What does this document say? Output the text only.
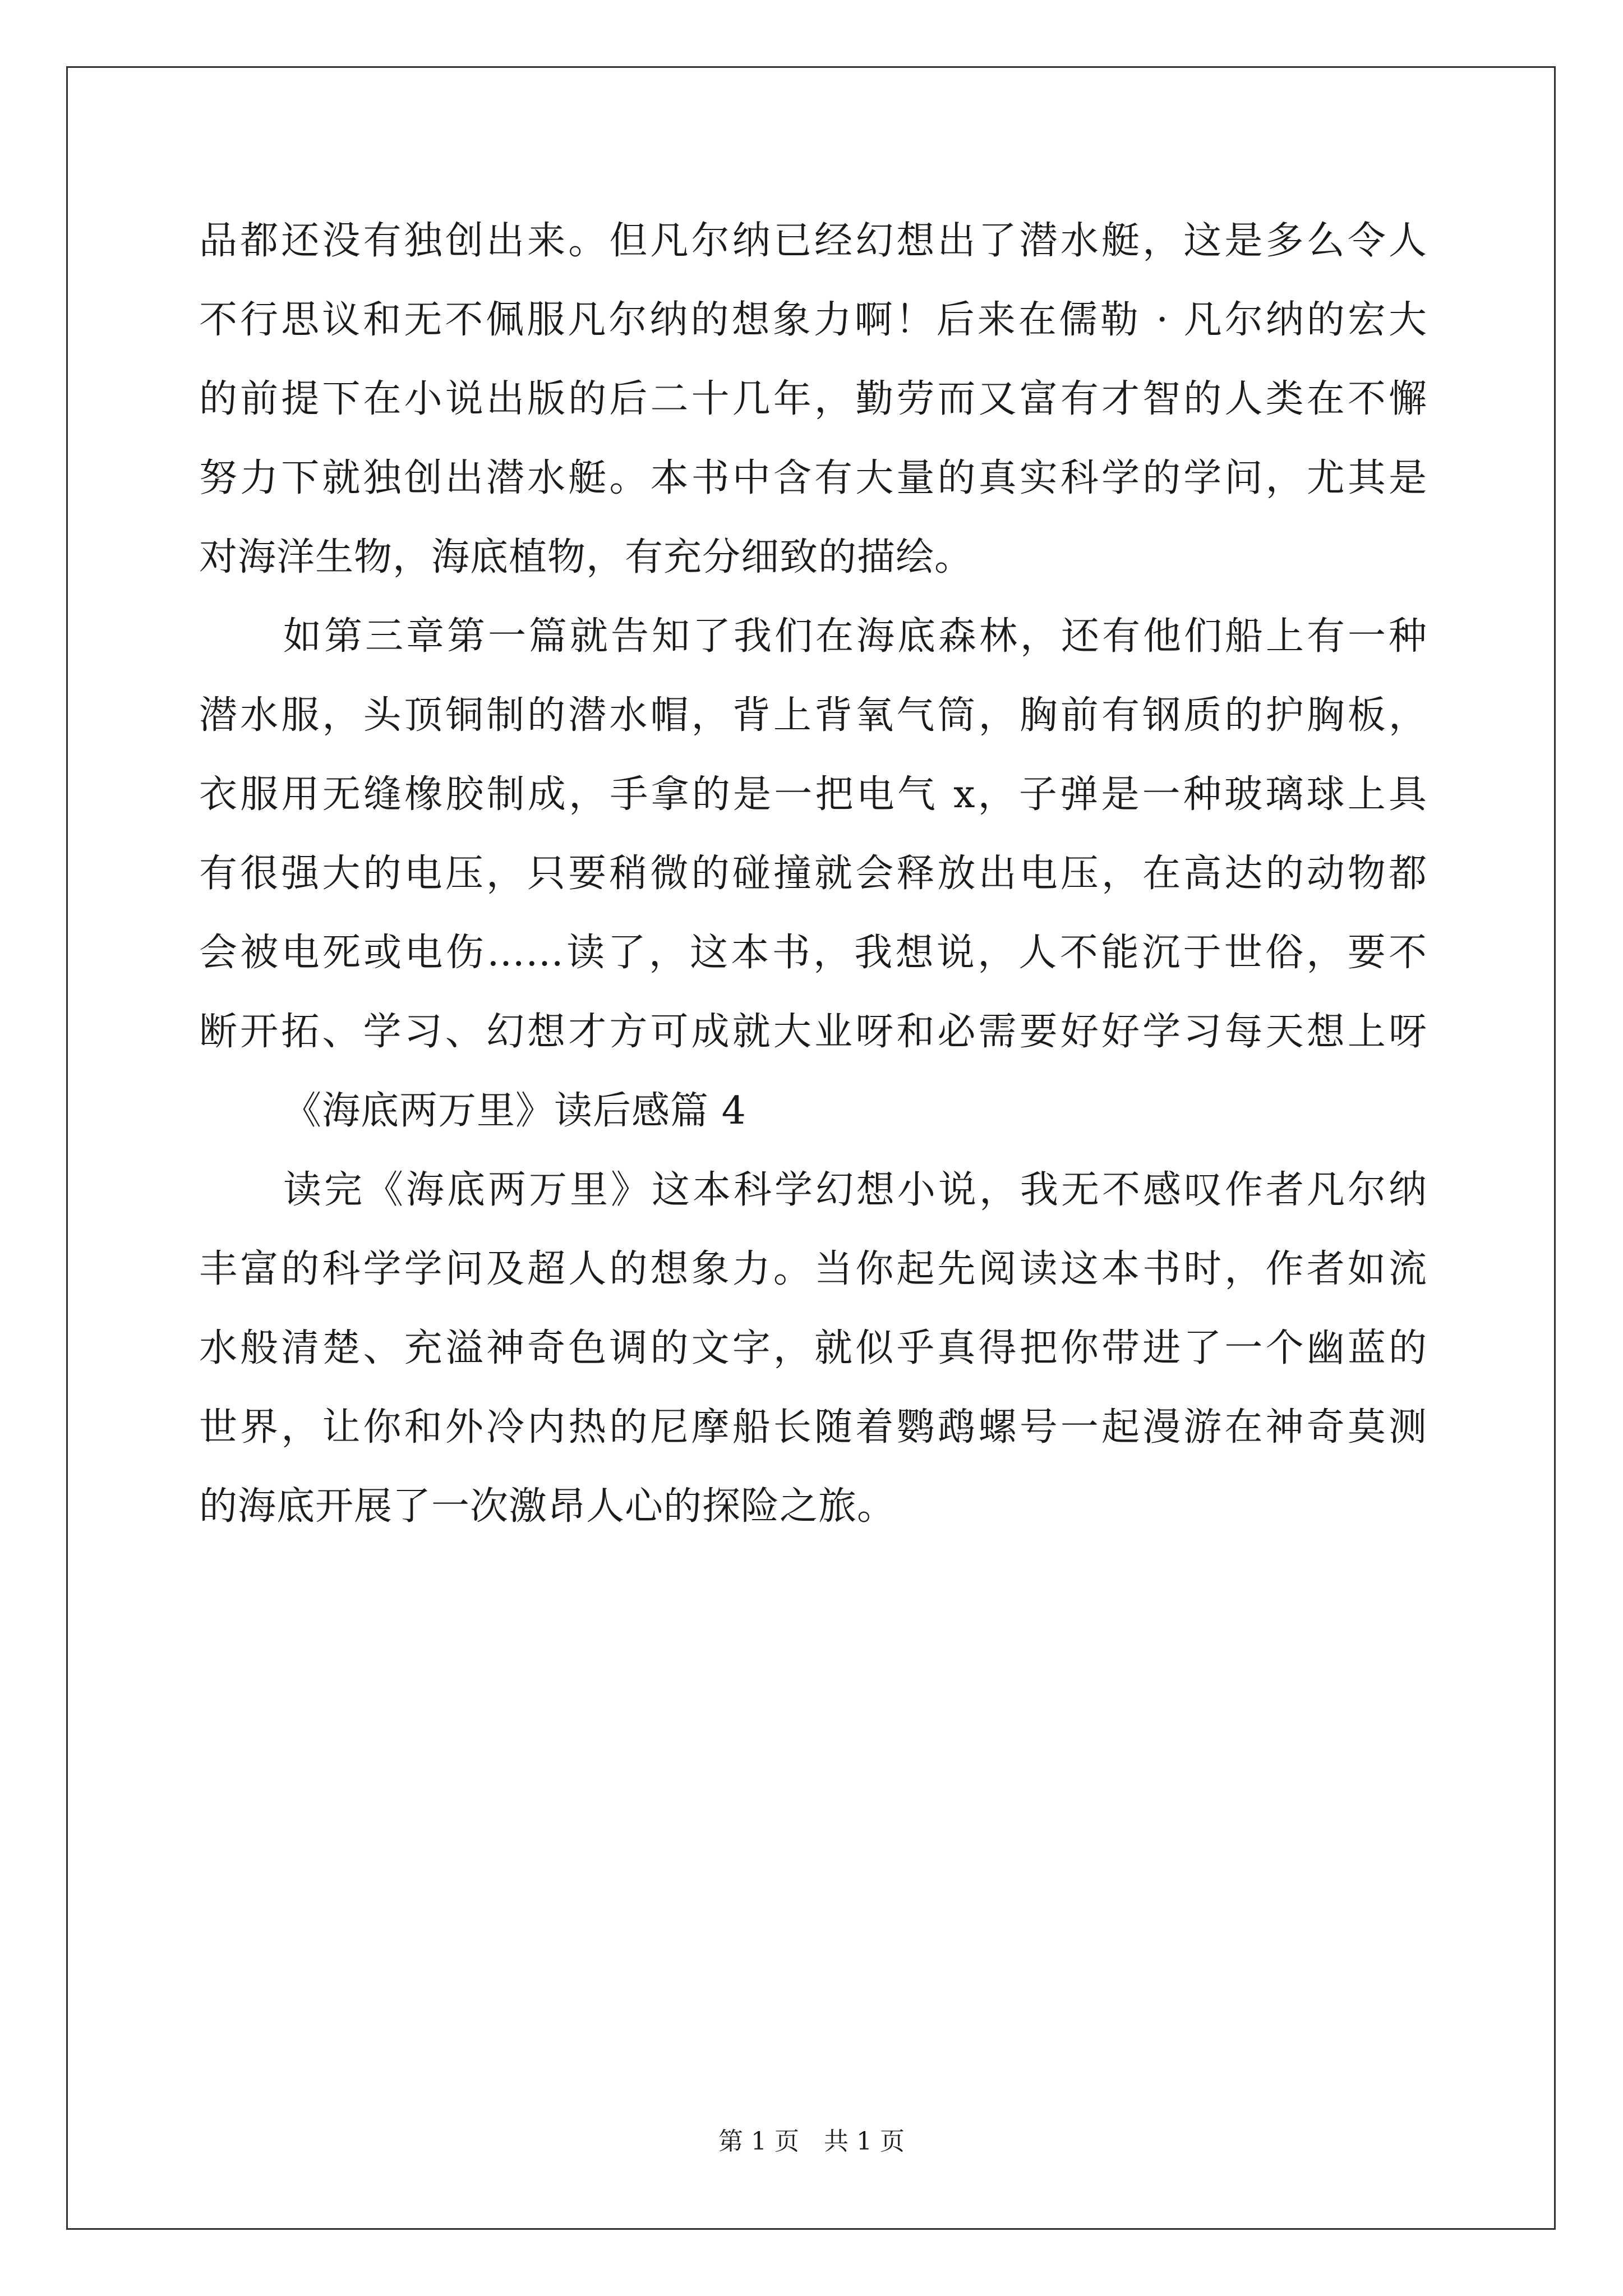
品都还没有独创出来。但凡尔纳已经幻想出了潜水艇，这是多么令人
不行思议和无不佩服凡尔纳的想象力啊！后来在儒勒 · 凡尔纳的宏大
的前提下在小说出版的后二十几年，勤劳而又富有才智的人类在不懈
努力下就独创出潜水艇。本书中含有大量的真实科学的学问，尤其是
对海洋生物，海底植物，有充分细致的描绘。
如第三章第一篇就告知了我们在海底森林，还有他们船上有一种
潜水服，头顶铜制的潜水帽，背上背氧气筒，胸前有钢质的护胸板，
衣服用无缝橡胶制成，手拿的是一把电气 x，子弹是一种玻璃球上具
有很强大的电压，只要稍微的碰撞就会释放出电压，在高达的动物都
会被电死或电伤……读了，这本书，我想说，人不能沉于世俗，要不
断开拓、学习、幻想才方可成就大业呀和必需要好好学习每天想上呀
《海底两万里》读后感篇 4
读完《海底两万里》这本科学幻想小说，我无不感叹作者凡尔纳
丰富的科学学问及超人的想象力。当你起先阅读这本书时，作者如流
水般清楚、充溢神奇色调的文字，就似乎真得把你带进了一个幽蓝的
世界，让你和外冷内热的尼摩船长随着鹦鹉螺号一起漫游在神奇莫测
的海底开展了一次激昂人心的探险之旅。
第 1 页　共 1 页
